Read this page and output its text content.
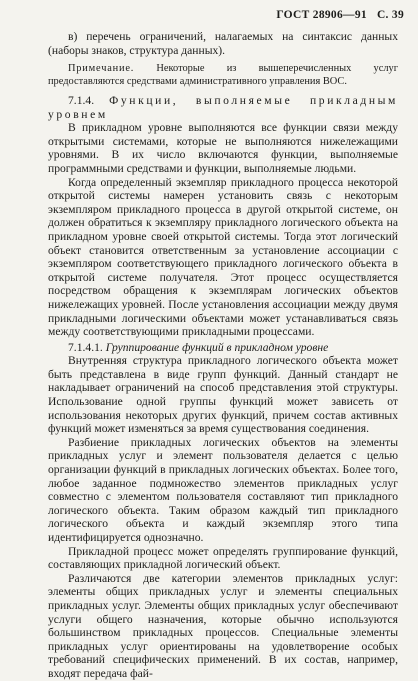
ГОСТ 28906—91 С. 39

в) перечень ограничений, налагаемых на синтаксис данных (наборы знаков, структура данных).

Примечание. Некоторые из вышеперечисленных услуг предоставляются средствами административного управления ВОС.

7.1.4. Функции, выполняемые прикладным уровнем

В прикладном уровне выполняются все функции связи между открытыми системами, которые не выполняются нижележащими уровнями. В их число включаются функции, выполняемые программными средствами и функции, выполняемые людьми.

Когда определенный экземпляр прикладного процесса некоторой открытой системы намерен установить связь с некоторым экземпляром прикладного процесса в другой открытой системе, он должен обратиться к экземпляру прикладного логического объекта на прикладном уровне своей открытой системы. Тогда этот логический объект становится ответственным за установление ассоциации с экземпляром соответствующего прикладного логического объекта в открытой системе получателя. Этот процесс осуществляется посредством обращения к экземплярам логических объектов нижележащих уровней. После установления ассоциации между двумя прикладными логическими объектами может устанавливаться связь между соответствующими прикладными процессами.

7.1.4.1. Группирование функций в прикладном уровне

Внутренняя структура прикладного логического объекта может быть представлена в виде групп функций. Данный стандарт не накладывает ограничений на способ представления этой структуры. Использование одной группы функций может зависеть от использования некоторых других функций, причем состав активных функций может изменяться за время существования соединения.

Разбиение прикладных логических объектов на элементы прикладных услуг и элемент пользователя делается с целью организации функций в прикладных логических объектах. Более того, любое заданное подмножество элементов прикладных услуг совместно с элементом пользователя составляют тип прикладного логического объекта. Таким образом каждый тип прикладного логического объекта и каждый экземпляр этого типа идентифицируется однозначно.

Прикладной процесс может определять группирование функций, составляющих прикладной логический объект.

Различаются две категории элементов прикладных услуг: элементы общих прикладных услуг и элементы специальных прикладных услуг. Элементы общих прикладных услуг обеспечивают услуги общего назначения, которые обычно используются большинством прикладных процессов. Специальные элементы прикладных услуг ориентированы на удовлетворение особых требований специфических применений. В их состав, например, входят передача фай-
